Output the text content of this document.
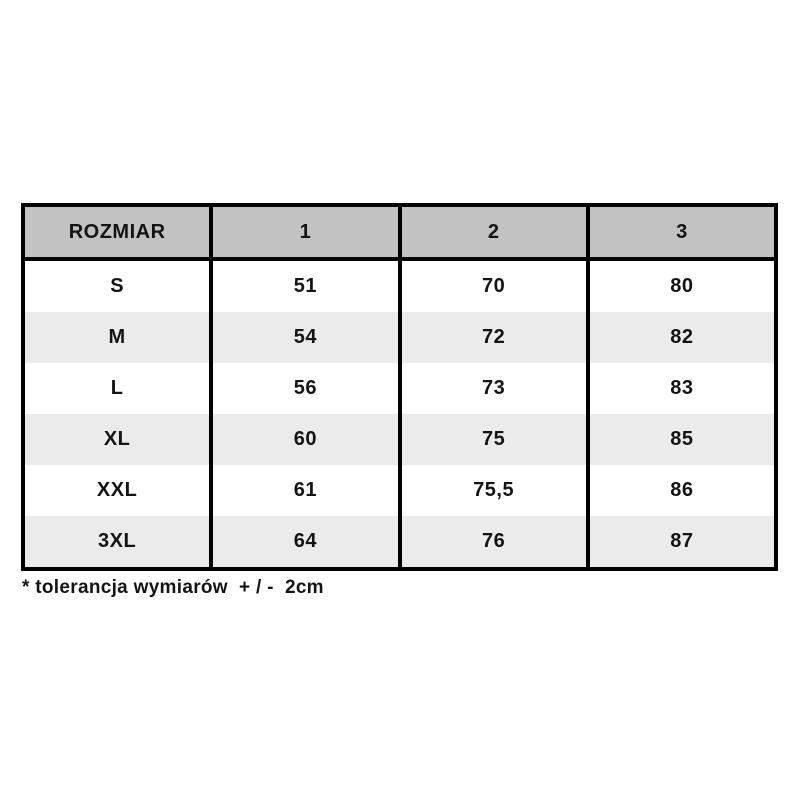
ROZMIAR	1	2	3
S	51	70	80
M	54	72	82
L	56	73	83
XL	60	75	85
XXL	61	75,5	86
3XL	64	76	87
* tolerancja wymiarów  + / -  2cm
